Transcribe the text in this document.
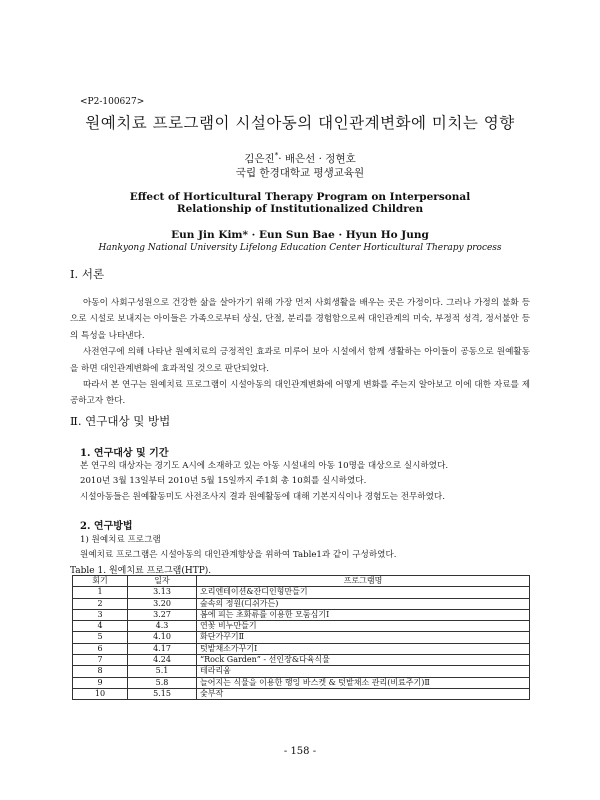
<P2-100627>
원예치료 프로그램이 시설아동의 대인관계변화에 미치는 영향
김은진*· 배은선 · 정현호
국립 한경대학교 평생교육원
Effect of Horticultural Therapy Program on Interpersonal Relationship of Institutionalized Children
Eun Jin Kim* · Eun Sun Bae · Hyun Ho Jung
Hankyong National University Lifelong Education Center Horticultural Therapy process
Ⅰ. 서론

아동이 사회구성원으로 건강한 삶을 살아가기 위해 가장 먼저 사회생활을 배우는 곳은 가정이다. 그러나 가정의 불화 등으로 시설로 보내지는 아이들은 가족으로부터 상실, 단절, 분리를 경험함으로써 대인관계의 미숙, 부정적 성격, 정서불안 등의 특성을 나타낸다.

사전연구에 의해 나타난 원예치료의 긍정적인 효과로 미루어 보아 시설에서 함께 생활하는 아이들이 공동으로 원예활동을 하면 대인관계변화에 효과적일 것으로 판단되었다.

따라서 본 연구는 원예치료 프로그램이 시설아동의 대인관계변화에 어떻게 변화를 주는지 알아보고 이에 대한 자료를 제공하고자 한다.

Ⅱ. 연구대상 및 방법
1. 연구대상 및 기간
본 연구의 대상자는 경기도 A시에 소재하고 있는 아동 시설내의 아동 10명을 대상으로 실시하였다.
2010년 3월 13일부터 2010년 5월 15일까지 주1회 총 10회를 실시하였다.
시설아동들은 원예활동미도 사전조사지 결과 원예활동에 대해 기본지식이나 경험도는 전무하였다.
2. 연구방법
1) 원예치료 프로그램
원예치료 프로그램은 시설아동의 대인관계향상을 위하여 Table1과 같이 구성하였다.
Table 1. 원예치료 프로그램(HTP).
회기	일자	프로그램명
1	3.13	오리엔테이션&잔디인형만들기
2	3.20	숲속의 정원(디쉬가든)
3	3.27	봄에 피는 초화류를 이용한 모둠심기Ⅰ
4	4.3	연꽃 비누만들기
5	4.10	화단가꾸기Ⅱ
6	4.17	텃밭채소가꾸기Ⅰ
7	4.24	“Rock Garden” - 선인장&다육식물
8	5.1	테라리움
9	5.8	늘어지는 식물을 이용한 행잉 바스켓 & 텃밭채소 관리(비료주기)Ⅱ
10	5.15	숯부작
- 158 -
